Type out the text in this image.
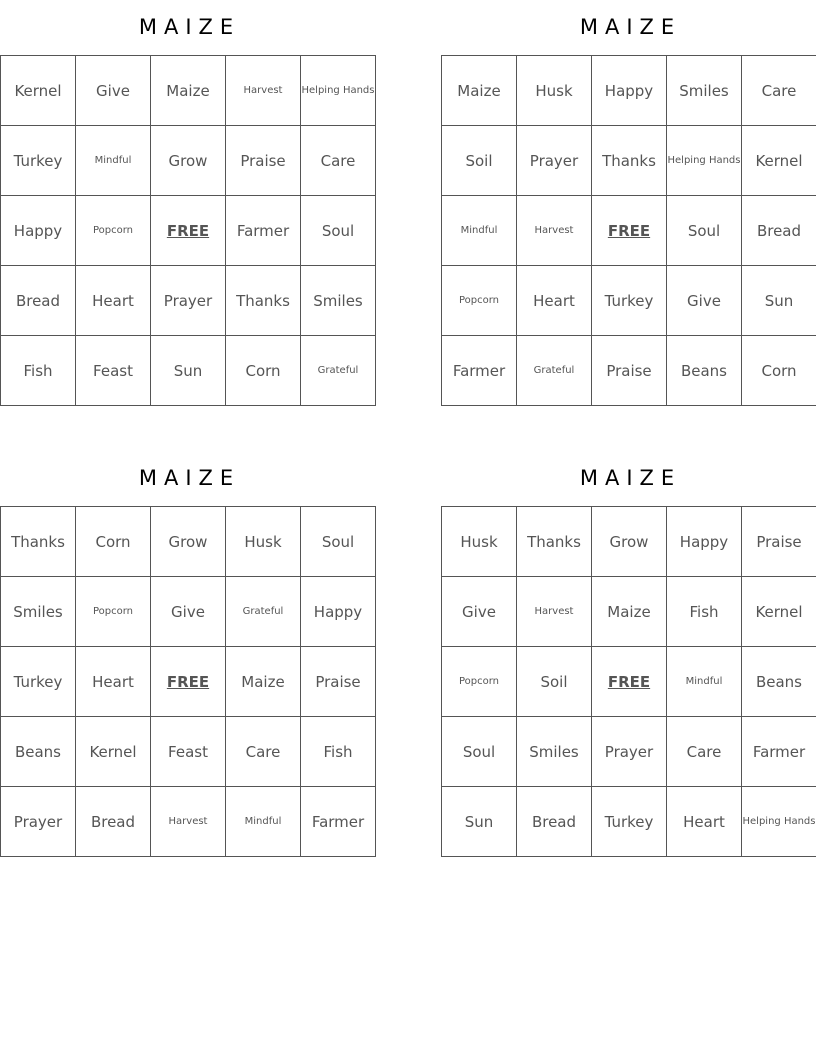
MAIZE
Kernel	Give	Maize	Harvest	Helping Hands
Turkey	Mindful	Grow	Praise	Care
Happy	Popcorn	FREE	Farmer	Soul
Bread	Heart	Prayer	Thanks	Smiles
Fish	Feast	Sun	Corn	Grateful
MAIZE
Maize	Husk	Happy	Smiles	Care
Soil	Prayer	Thanks	Helping Hands	Kernel
Mindful	Harvest	FREE	Soul	Bread
Popcorn	Heart	Turkey	Give	Sun
Farmer	Grateful	Praise	Beans	Corn
MAIZE
Thanks	Corn	Grow	Husk	Soul
Smiles	Popcorn	Give	Grateful	Happy
Turkey	Heart	FREE	Maize	Praise
Beans	Kernel	Feast	Care	Fish
Prayer	Bread	Harvest	Mindful	Farmer
MAIZE
Husk	Thanks	Grow	Happy	Praise
Give	Harvest	Maize	Fish	Kernel
Popcorn	Soil	FREE	Mindful	Beans
Soul	Smiles	Prayer	Care	Farmer
Sun	Bread	Turkey	Heart	Helping Hands
